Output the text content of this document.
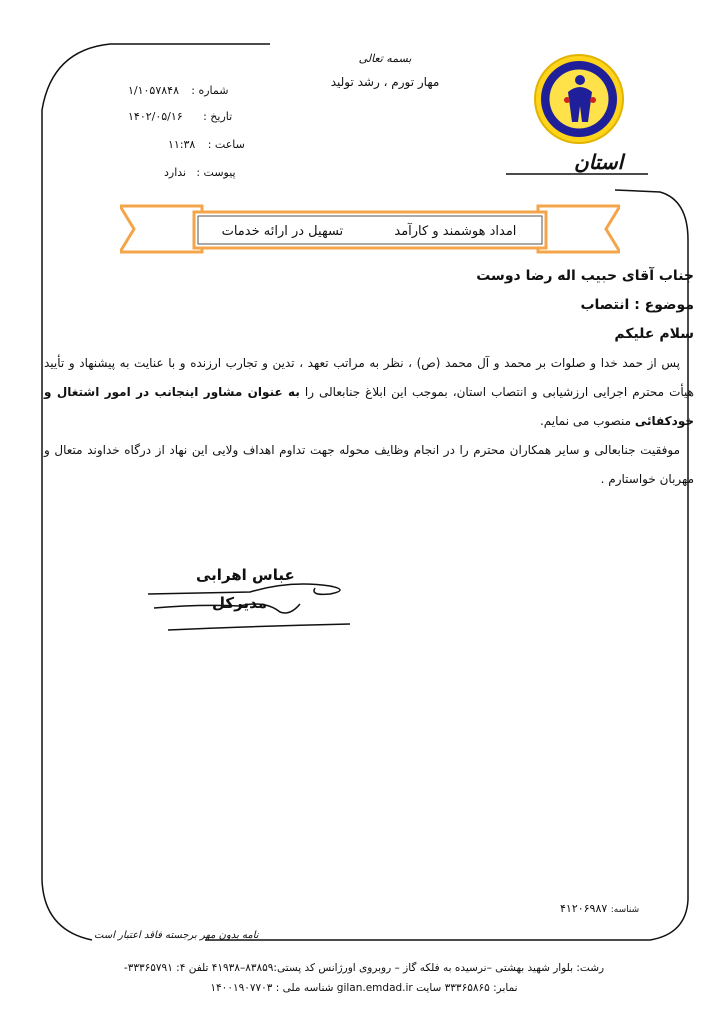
استان
بسمه تعالی
مهار تورم ، رشد تولید
شماره : ۱/۱۰۵۷۸۴۸
تاریخ : ۱۴۰۲/۰۵/۱۶
ساعت : ۱۱:۳۸
پیوست : ندارد
امداد هوشمند و کارآمد
تسهیل در ارائه خدمات
جناب آقای حبیب اله رضا دوست
موضوع : انتصاب
سلام علیکم
پس از حمد خدا و صلوات بر محمد و آل محمد (ص) ، نظر به مراتب تعهد ، تدین و تجارب ارزنده و با عنایت به پیشنهاد و تأیید هیأت محترم اجرایی ارزشیابی و انتصاب استان، بموجب این ابلاغ جنابعالی را به عنوان مشاور اینجانب در امور اشتغال و خودکفائی منصوب می نمایم.
موفقیت جنابعالی و سایر همکاران محترم را در انجام وظایف محوله جهت تداوم اهداف ولایی این نهاد از درگاه خداوند متعال و مهربان خواستارم .
عباس اهرابی
مدیرکل
شناسه: ۴۱۲۰۶۹۸۷
نامه بدون مهر برجسته فاقد اعتبار است
رشت: بلوار شهید بهشتی –نرسیده به فلکه گاز – روبروی اورژانس کد پستی:۸۳۸۵۹–۴۱۹۳۸ تلفن ۴: ۳۳۳۶۵۷۹۱-
نمابر: ۳۳۳۶۵۸۶۵ سایت gilan.emdad.ir شناسه ملی : ۱۴۰۰۱۹۰۷۷۰۳
